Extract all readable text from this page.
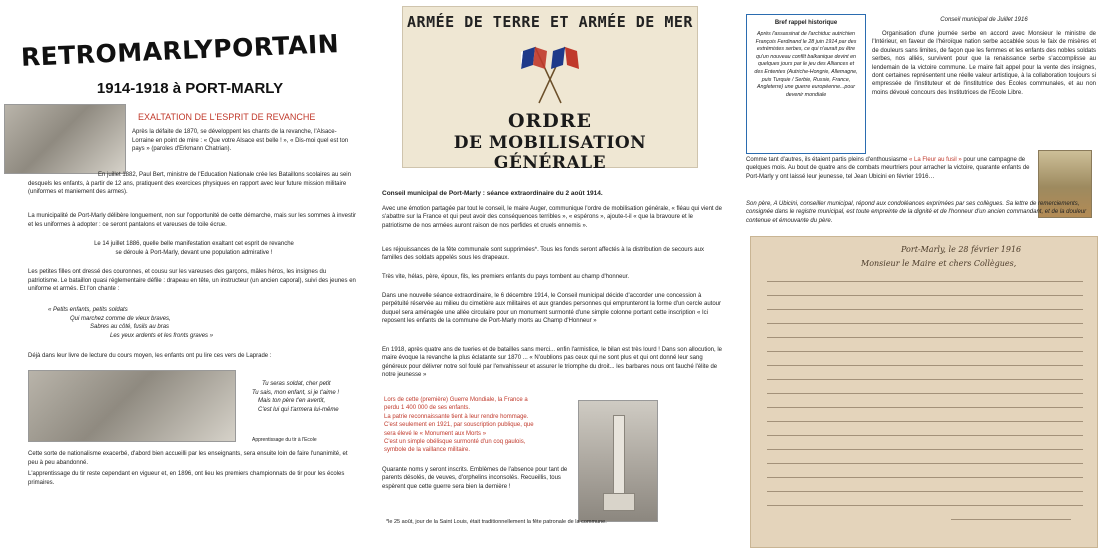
RETROMARLYPORTAIN
1914-1918 à PORT-MARLY
EXALTATION DE L'ESPRIT DE REVANCHE

Après la défaite de 1870, se développent les chants de la revanche, l'Alsace-Lorraine en point de mire : « Que votre Alsace est belle ! », « Dis-moi quel est ton pays » (paroles d'Erkmann Chatrian).

En juillet 1882, Paul Bert, ministre de l'Education Nationale crée les Bataillons scolaires au sein desquels les enfants, à partir de 12 ans, pratiquent des exercices physiques en rapport avec leur future mission militaire (uniformes et maniement des armes).

La municipalité de Port-Marly délibère longuement, non sur l'opportunité de cette démarche, mais sur les sommes à investir et les uniformes à adopter : ce seront pantalons et vareuses de toile écrue.

Le 14 juillet 1886, quelle belle manifestation exaltant cet esprit de revanche

se déroule à Port-Marly, devant une population admirative !

Les petites filles ont dressé des couronnes, et cousu sur les vareuses des garçons, mâles héros, les insignes du patriotisme. Le bataillon quasi réglementaire défile : drapeau en tête, un instructeur (un ancien caporal), suivi des jeunes en uniforme et armés. Et l'on chante :

« Petits enfants, petits soldats
Qui marchez comme de vieux braves,
Sabres au côté, fusils au bras
Les yeux ardents et les fronts graves »

Déjà dans leur livre de lecture du cours moyen, les enfants ont pu lire ces vers de Laprade :

Tu seras soldat, cher petit
Tu sais, mon enfant, si je t'aime !
Mais ton père t'en avertit,
C'est lui qui t'armera lui-même
Apprentissage du tir à l'Ecole

Cette sorte de nationalisme exacerbé, d'abord bien accueilli par les enseignants, sera ensuite loin de faire l'unanimité, et peu à peu abandonné.

L'apprentissage du tir reste cependant en vigueur et, en 1896, ont lieu les premiers championnats de tir pour les écoles primaires.

ARMÉE DE TERRE ET ARMÉE DE MER
ORDRE
DE MOBILISATION GÉNÉRALE
Conseil municipal de Port-Marly : séance extraordinaire du 2 août 1914.

Avec une émotion partagée par tout le conseil, le maire Auger, communique l'ordre de mobilisation générale, « fléau qui vient de s'abattre sur la France et qui peut avoir des conséquences terribles », « espérons », ajoute-t-il « que la bravoure et le patriotisme de nos armées auront raison de nos perfides et cruels ennemis ».

Les réjouissances de la fête communale sont supprimées*. Tous les fonds seront affectés à la distribution de secours aux familles des soldats appelés sous les drapeaux.

Très vite, hélas, père, époux, fils, les premiers enfants du pays tombent au champ d'honneur.

Dans une nouvelle séance extraordinaire, le 6 décembre 1914, le Conseil municipal décide d'accorder une concession à perpétuité réservée au milieu du cimetière aux militaires et aux grandes personnes qui emprunteront la forme d'un cercle autour duquel sera aménagée une allée circulaire pour un monument surmonté d'une simple colonne portant cette inscription « Ici reposent les enfants de la commune de Port-Marly morts au Champ d'Honneur »

En 1918, après quatre ans de tueries et de batailles sans merci... enfin l'armistice, le bilan est très lourd ! Dans son allocution, le maire évoque la revanche la plus éclatante sur 1870 ... « N'oublions pas ceux qui ne sont plus et qui ont donné leur sang généreux pour délivrer notre sol foulé par l'envahisseur et assurer le triomphe du droit... les barbares nous ont fauché l'élite de notre jeunesse »

Lors de cette (première) Guerre Mondiale, la France a
perdu 1 400 000 de ses enfants.
La patrie reconnaissante tient à leur rendre hommage.
C'est seulement en 1921, par souscription publique, que
sera élevé le « Monument aux Morts »
C'est un simple obélisque surmonté d'un coq gaulois,
symbole de la vaillance militaire.

Quarante noms y seront inscrits. Emblèmes de l'absence pour tant de parents désolés, de veuves, d'orphelins inconsolés. Recueillis, tous espèrent que cette guerre sera bien la dernière !

*le 25 août, jour de la Saint Louis, était traditionnellement la fête patronale de la commune.

Bref rappel historique
Après l'assassinat de l'archiduc autrichien François Ferdinand le 28 juin 1914 par des extrémistes serbes, ce qui n'aurait pu être qu'un nouveau conflit balkanique devint en quelques jours par le jeu des Alliances et des Ententes (Autriche-Hongrie, Allemagne, puis Turquie / Serbie, Russie, France, Angleterre) une guerre européenne...pour devenir mondiale
Conseil municipal de Juillet 1916

Organisation d'une journée serbe en accord avec Monsieur le ministre de l'Intérieur, en faveur de l'héroïque nation serbe accablée sous le faix de misères et de douleurs sans limites, de façon que les femmes et les enfants des nobles soldats serbes, nos alliés, survivent pour que la renaissance serbe s'accomplisse au lendemain de la victoire commune. Le maire fait appel pour la vente des insignes, dont certaines représentent une réelle valeur artistique, à la collaboration toujours si empressée de l'instituteur et de l'institutrice des Ecoles communales, et au non moins dévoué concours des Institutrices de l'Ecole Libre.

Comme tant d'autres, ils étaient partis pleins d'enthousiasme « La Fleur au fusil » pour une campagne de quelques mois. Au bout de quatre ans de combats meurtriers pour arracher la victoire, quarante enfants de Port-Marly y ont laissé leur jeunesse, tel Jean Ubicini en février 1916…

Son père, A Ubicini, conseiller municipal, répond aux condoléances exprimées par ses collègues. Sa lettre de remerciements, consignée dans le registre municipal, est toute empreinte de la dignité et de l'honneur d'un ancien commandant, et de la douleur contenue et émouvante du père.

Port-Marly, le 28 février 1916
Monsieur le Maire et chers Collègues,
